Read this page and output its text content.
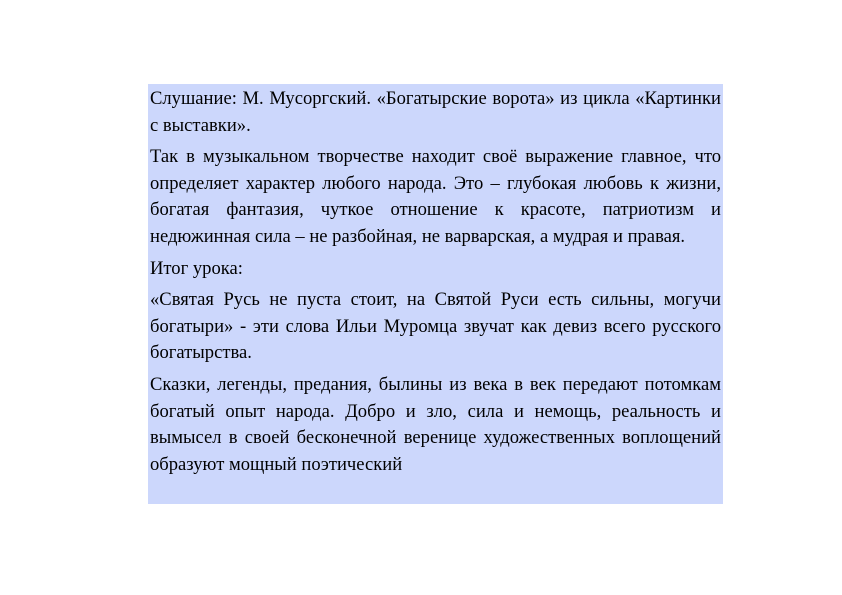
Слушание: М. Мусоргский. «Богатырские ворота» из цикла «Картинки с выставки».

Так в музыкальном творчестве находит своё выражение главное, что определяет характер любого народа. Это – глубокая любовь к жизни, богатая фантазия, чуткое отношение к красоте, патриотизм и недюжинная сила – не разбойная, не варварская, а мудрая и правая.

Итог урока:

«Святая Русь не пуста стоит, на Святой Руси есть сильны, могучи богатыри» - эти слова Ильи Муромца звучат как девиз всего русского богатырства.

Сказки, легенды, предания, былины из века в век передают потомкам богатый опыт народа. Добро и зло, сила и немощь, реальность и вымысел в своей бесконечной веренице художественных воплощений образуют мощный поэтический
